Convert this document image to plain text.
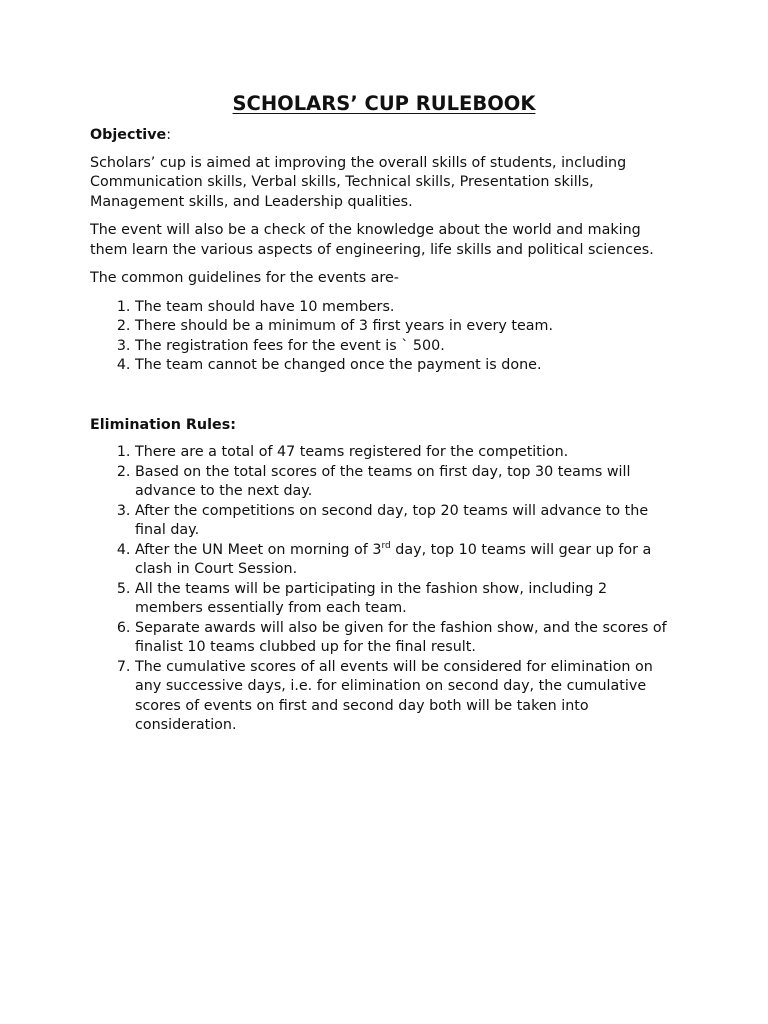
SCHOLARS’ CUP RULEBOOK
Objective:

Scholars’ cup is aimed at improving the overall skills of students, including Communication skills, Verbal skills, Technical skills, Presentation skills, Management skills, and Leadership qualities.

The event will also be a check of the knowledge about the world and making them learn the various aspects of engineering, life skills and political sciences.

The common guidelines for the events are-

1. The team should have 10 members.
2. There should be a minimum of 3 first years in every team.
3. The registration fees for the event is ` 500.
4. The team cannot be changed once the payment is done.
Elimination Rules:
1. There are a total of 47 teams registered for the competition.
2. Based on the total scores of the teams on first day, top 30 teams will advance to the next day.
3. After the competitions on second day, top 20 teams will advance to the final day.
4. After the UN Meet on morning of 3rd day, top 10 teams will gear up for a clash in Court Session.
5. All the teams will be participating in the fashion show, including 2 members essentially from each team.
6. Separate awards will also be given for the fashion show, and the scores of finalist 10 teams clubbed up for the final result.
7. The cumulative scores of all events will be considered for elimination on any successive days, i.e. for elimination on second day, the cumulative scores of events on first and second day both will be taken into consideration.
